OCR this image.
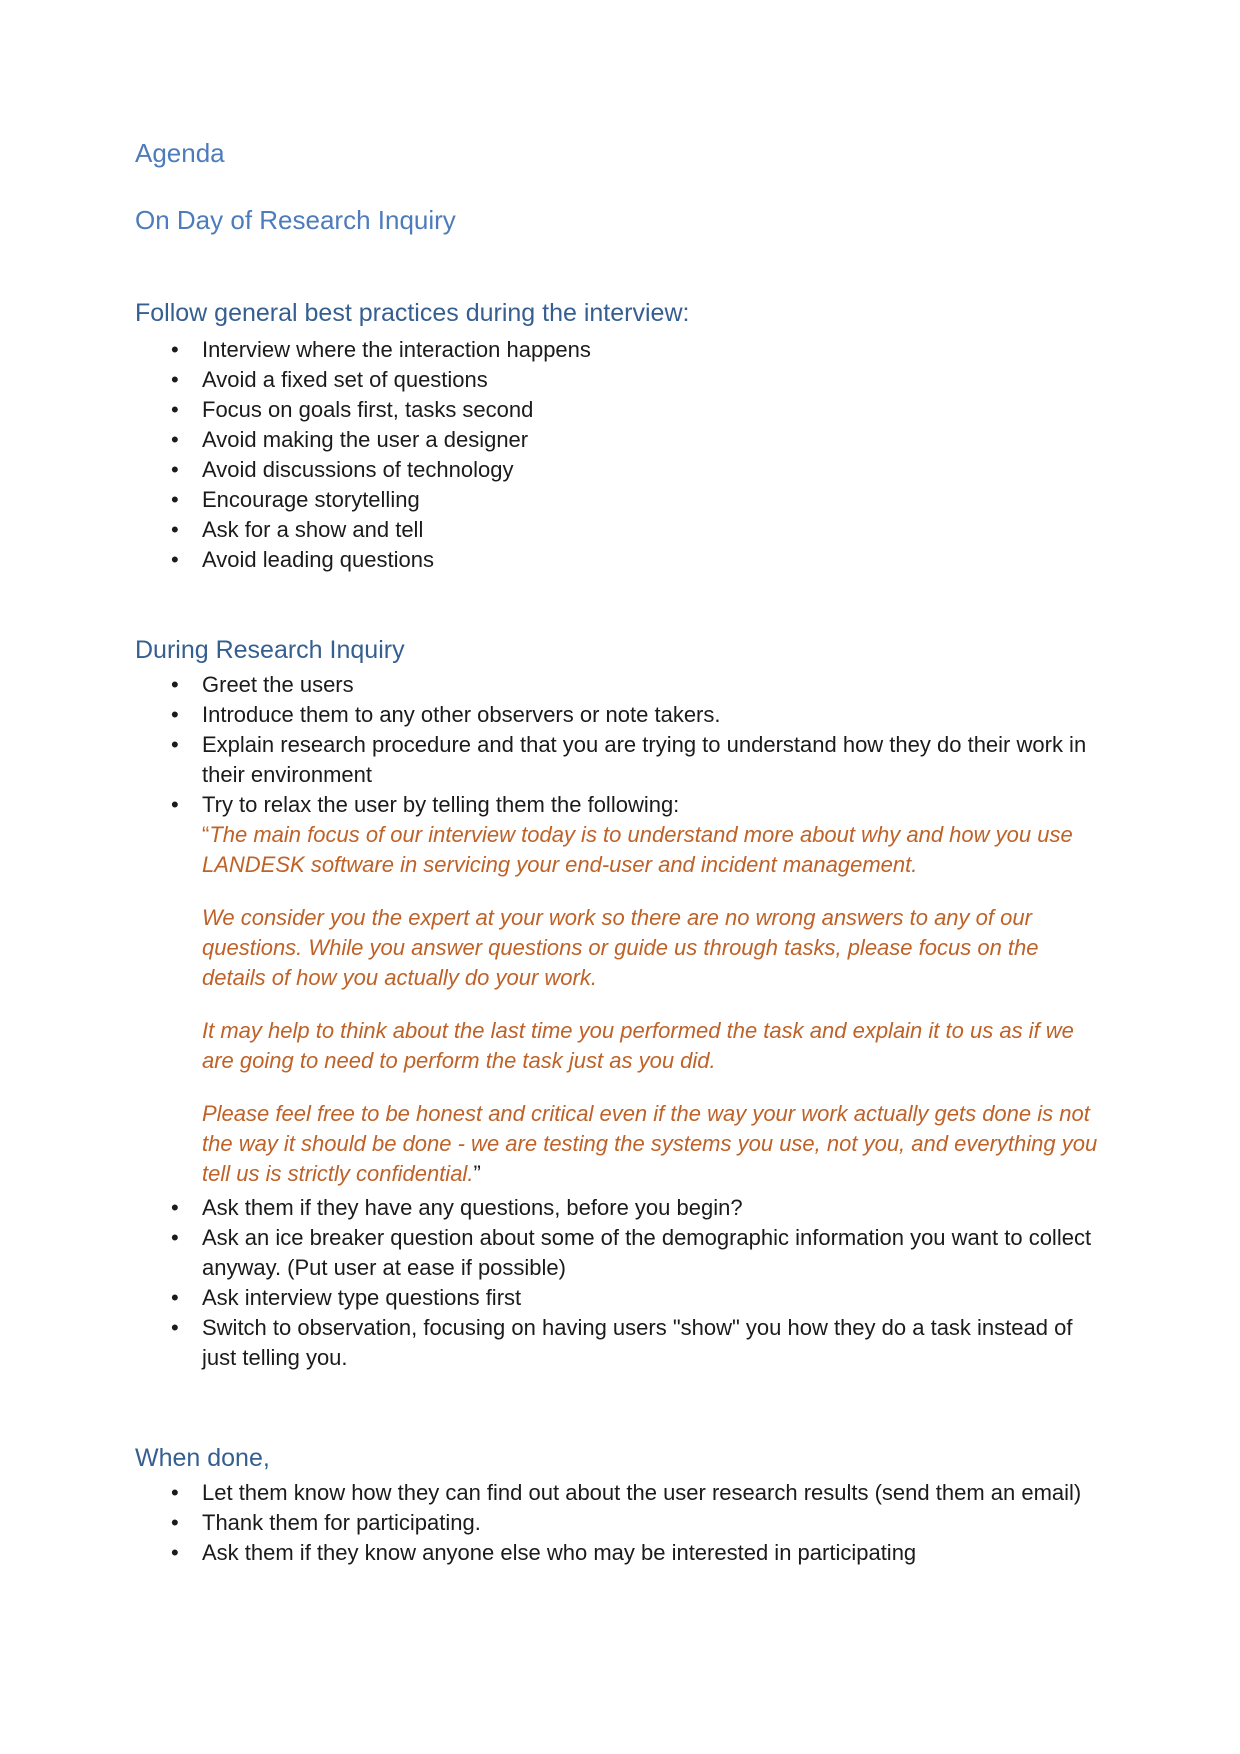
Agenda
On Day of Research Inquiry
Follow general best practices during the interview:
• Interview where the interaction happens
• Avoid a fixed set of questions
• Focus on goals first, tasks second
• Avoid making the user a designer
• Avoid discussions of technology
• Encourage storytelling
• Ask for a show and tell
• Avoid leading questions
During Research Inquiry
• Greet the users
• Introduce them to any other observers or note takers.
• Explain research procedure and that you are trying to understand how they do their work in their environment
• Try to relax the user by telling them the following:

“The main focus of our interview today is to understand more about why and how you use LANDESK software in servicing your end-user and incident management.

We consider you the expert at your work so there are no wrong answers to any of our questions. While you answer questions or guide us through tasks, please focus on the details of how you actually do your work.

It may help to think about the last time you performed the task and explain it to us as if we are going to need to perform the task just as you did.

Please feel free to be honest and critical even if the way your work actually gets done is not the way it should be done - we are testing the systems you use, not you, and everything you tell us is strictly confidential.”

• Ask them if they have any questions, before you begin?
• Ask an ice breaker question about some of the demographic information you want to collect anyway. (Put user at ease if possible)
• Ask interview type questions first
• Switch to observation, focusing on having users "show" you how they do a task instead of just telling you.
When done,
• Let them know how they can find out about the user research results (send them an email)
• Thank them for participating.
• Ask them if they know anyone else who may be interested in participating
